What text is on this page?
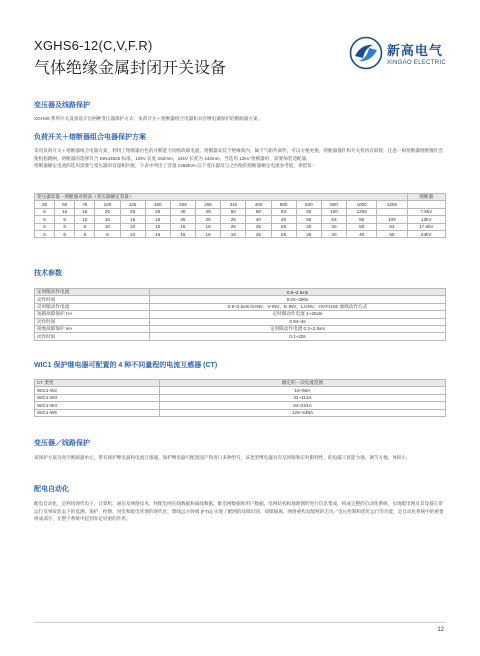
XGHS6-12(C,V,F.R)
气体绝缘金属封闭开关设备
新高电气
XINGAO ELECTRIC
变压器及线路保护
XGHS6 系列开关设备设计出两种变压器保护方式：负荷开关＋熔断器组合电器和具有继电器保护的断路器方案。
负荷开关＋熔断器组合电器保护方案
采用负荷开关＋熔断器组合电器方案，利用了熔断器出色的开断能力切断故障电流，熔断器安装于绝缘筒内，属于气箱外部件，可以方便更换，熔断器撞针和开关机构有联锁，任意一相熔断器熔断撞针会使机构跳闸，熔断器的选择符合 DIN43625 标准，12kV 长度 292mm，24kV 长度为 442mm，当选用 12kV 熔断器时，需要加装适配器。
熔断器额定电流的选用需要与变压器的容量相匹配，下表中列出了容量 1250kVA 以下变压器及与之匹配的熔断器额定电流参考值，供借鉴：
变压器容量－熔断器对照表（变压器额定容量）															熔断器
25	50	75	100	125	160	200	250	315	400	500	630	800	1000	1250	
6	16	16	25	25	25	40	40	50	50	63	80	100	1250		7.5kV
6	6	10	16	16	16	25	25	25	40	40	50	63	80	100	12kV
6	6	6	10	10	10	16	16	25	25	25	40	40	50	63	17.5kV
6	6	6	6	10	16	16	16	16	25	25	25	40	40	50	24kV
技术参数
定时限动作电流	0.9~2.5xIs
动作时间	0.04~300s
反时限动作电流	0.9~2.5xIs N-INV、V-INV、E-INV、LI-INV、HV-FUSE 曲线动作方式
短路故障保护 I>>	定时限动作电流 1~20xIs
动作时间	0.04~3s
接地故障保护 Ie>	定时限动作电流 0.2~2.5xIs
动作时间	0.1~20s
WIC1 保护继电器可配置的 4 种不同量程的电流互感器 (CT)
CT 类型	额定的一次电流范围
WIC1-W2	16~56A
WIC1-W3	32~112A
WIC1-W4	64~224A
WIC1-W5	128~448A
变压器／线路保护
该保护方案为真空断路器单元，带有保护继电器和电流互感器，保护继电器可配置国产和进口多种型号，该类型继电器具有反时限和定时限特性，的电磁干扰能力强，调节方便，体积小，
配电自动化
配电自动化，是利用现代电子、计算机、通信及网络技术，将配电网在线数据和离线数据、配电网数据和用户数据、电网结构和地理图形进行信息集成，构成完整的自动化系统，实现配电网及其设备正常运行及事故状态下的监测、保护、控制、用电和配电管理的现代化，馈线远方终端 (FTU) 实现了配网的故障识别、故障隔离、网络重构及配网的无功／电压控制和优化运行等功能，是自动化系统中的重要组成部分，在整个系统中起到举足轻重的作用。
12
